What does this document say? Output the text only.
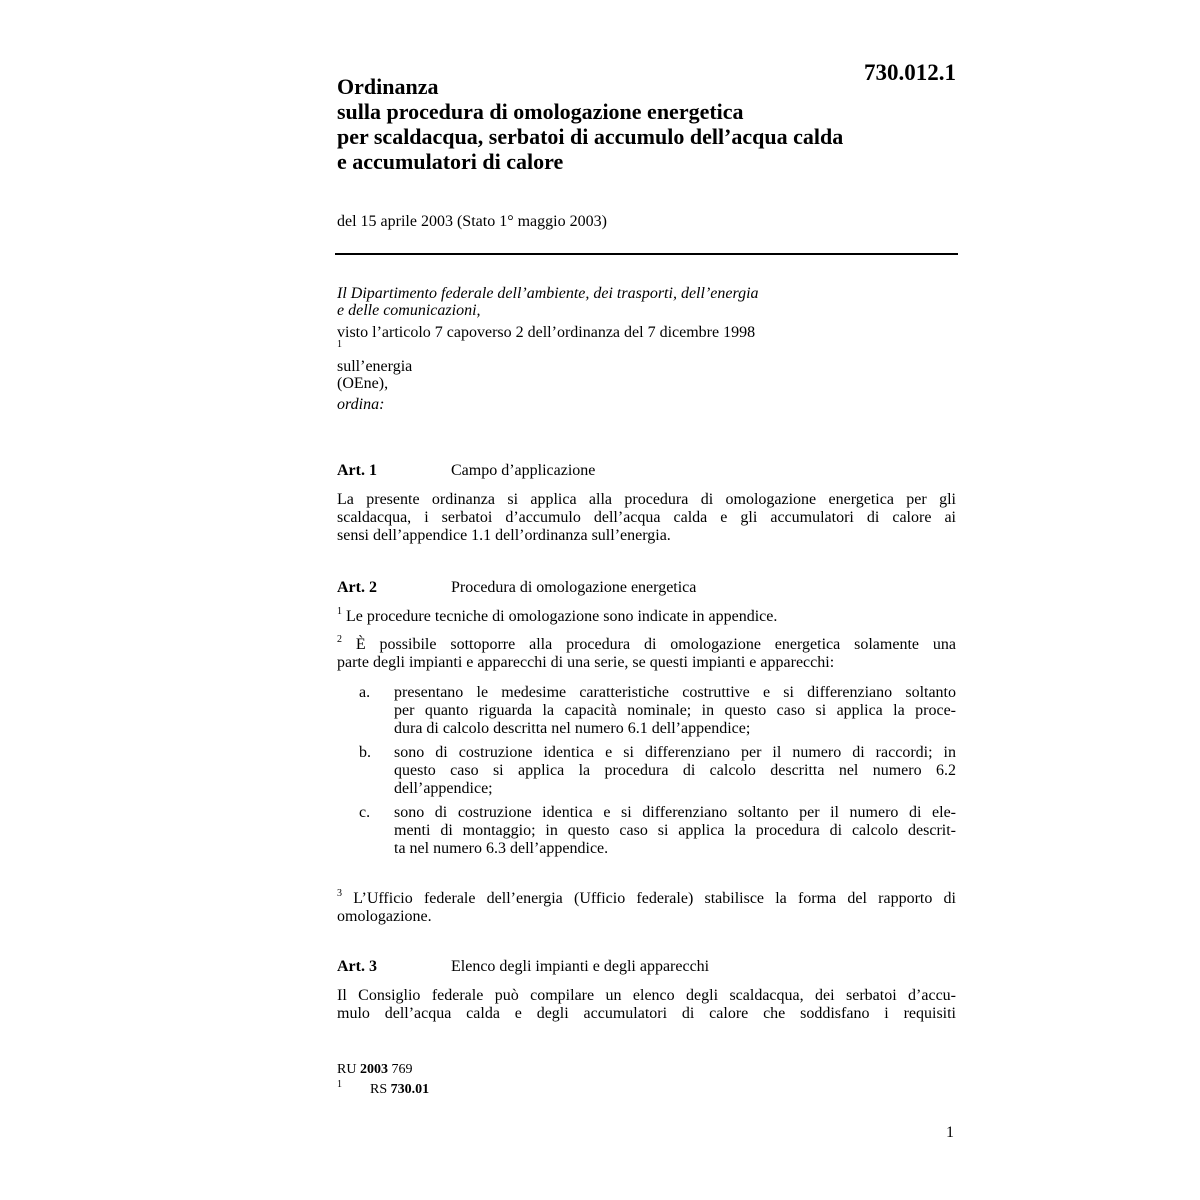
730.012.1
Ordinanza
sulla procedura di omologazione energetica
per scaldacqua, serbatoi di accumulo dell’acqua calda
e accumulatori di calore
del 15 aprile 2003 (Stato 1° maggio 2003)
Il Dipartimento federale dell’ambiente, dei trasporti, dell’energia
e delle comunicazioni,

visto l’articolo 7 capoverso 2 dell’ordinanza del 7 dicembre 1998
$^1$
sull’energia
(OEne),

ordina:

Art. 1	Campo d’applicazione
La presente ordinanza si applica alla procedura di omologazione energetica per gli
scaldacqua, i serbatoi d’accumulo dell’acqua calda e gli accumulatori di calore ai
sensi dell’appendice 1.1 dell’ordinanza sull’energia.
Art. 2	Procedura di omologazione energetica
$^1$ Le procedure tecniche di omologazione sono indicate in appendice.
$^2$ È possibile sottoporre alla procedura di omologazione energetica solamente una
parte degli impianti e apparecchi di una serie, se questi impianti e apparecchi:
a. presentano le medesime caratteristiche costruttive e si differenziano soltanto
per quanto riguarda la capacità nominale; in questo caso si applica la proce-
dura di calcolo descritta nel numero 6.1 dell’appendice;
b. sono di costruzione identica e si differenziano per il numero di raccordi; in
questo caso si applica la procedura di calcolo descritta nel numero 6.2
dell’appendice;
c. sono di costruzione identica e si differenziano soltanto per il numero di ele-
menti di montaggio; in questo caso si applica la procedura di calcolo descrit-
ta nel numero 6.3 dell’appendice.
$^3$ L’Ufficio federale dell’energia (Ufficio federale) stabilisce la forma del rapporto di
omologazione.
Art. 3	Elenco degli impianti e degli apparecchi
Il Consiglio federale può compilare un elenco degli scaldacqua, dei serbatoi d’accu-
mulo dell’acqua calda e degli accumulatori di calore che soddisfano i requisiti
RU 2003 769
1 RS 730.01
1
